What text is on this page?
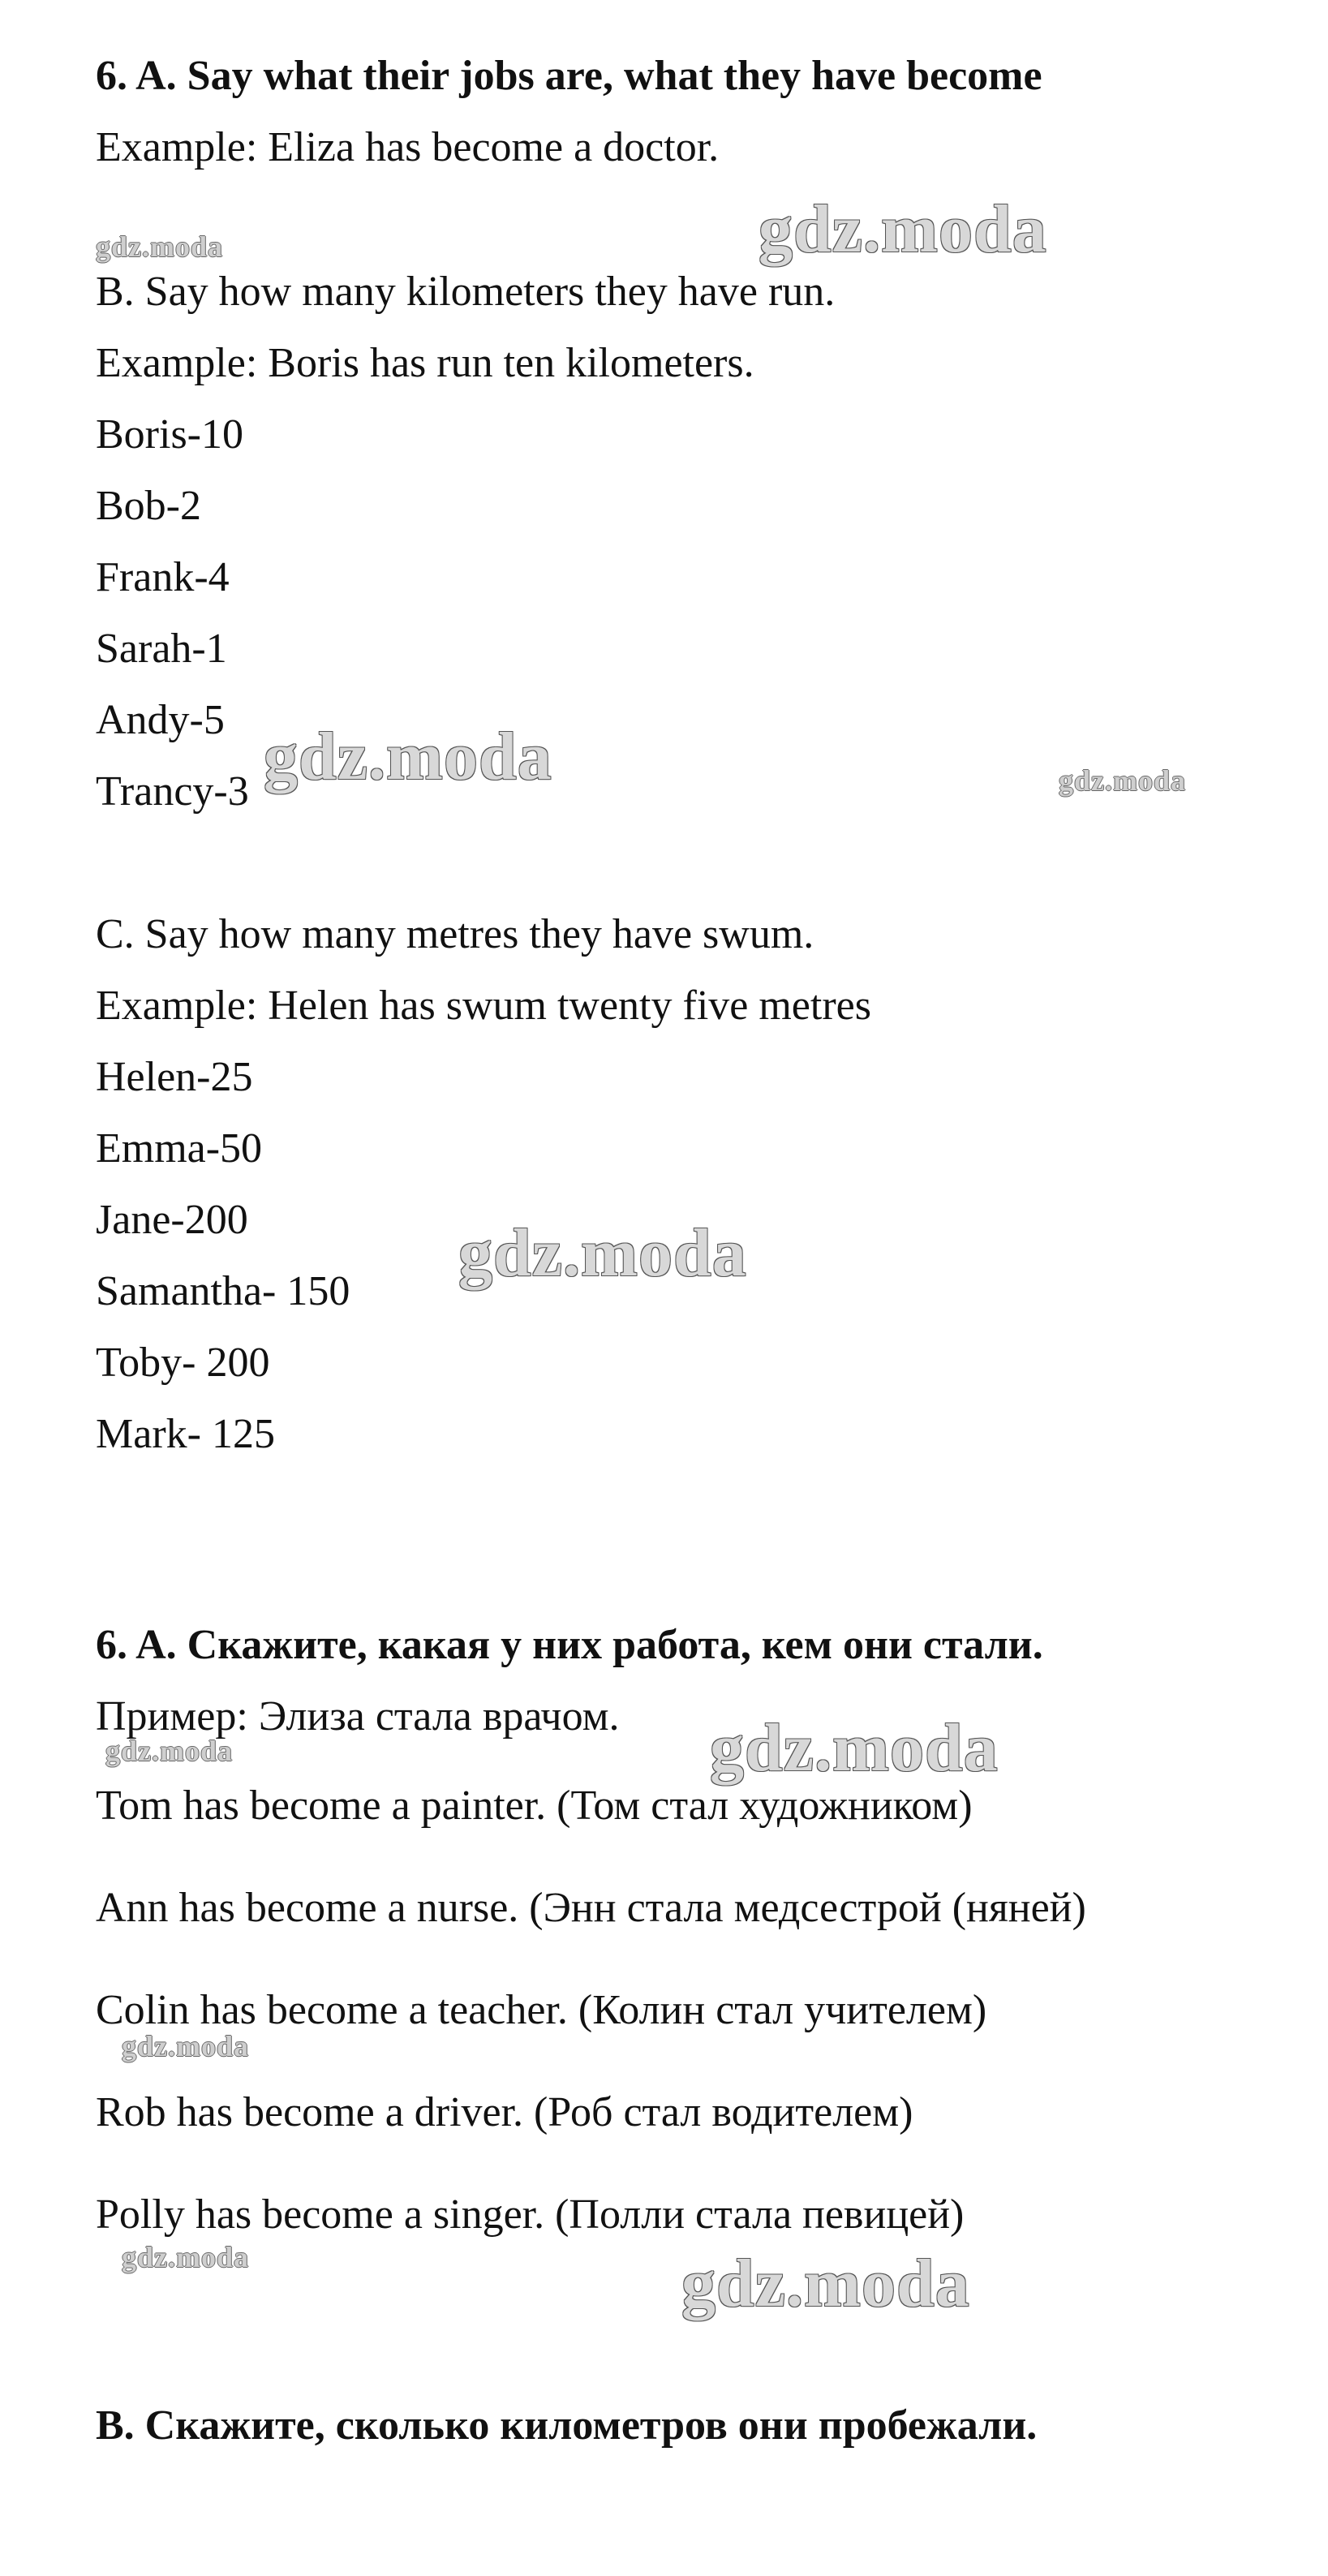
6. A. Say what their jobs are, what they have become

Example: Eliza has become a doctor.

B. Say how many kilometers they have run.

Example: Boris has run ten kilometers.

Boris-10

Bob-2

Frank-4

Sarah-1

Andy-5

Trancy-3

C. Say how many metres they have swum.

Example: Helen has swum twenty five metres

Helen-25

Emma-50

Jane-200

Samantha- 150

Toby- 200

Mark- 125

6. A. Скажите, какая у них работа, кем они стали.

Пример: Элиза стала врачом.

Tom has become a painter. (Том стал художником)

Ann has become a nurse. (Энн стала медсестрой (няней)

Colin has become a teacher. (Колин стал учителем)

Rob has become a driver. (Роб стал водителем)

Polly has become a singer. (Полли стала певицей)

B. Скажите, сколько километров они пробежали.

gdz.moda	gdz.moda
gdz.moda	gdz.moda
gdz.moda
gdz.moda	gdz.moda
gdz.moda
gdz.moda	gdz.moda
